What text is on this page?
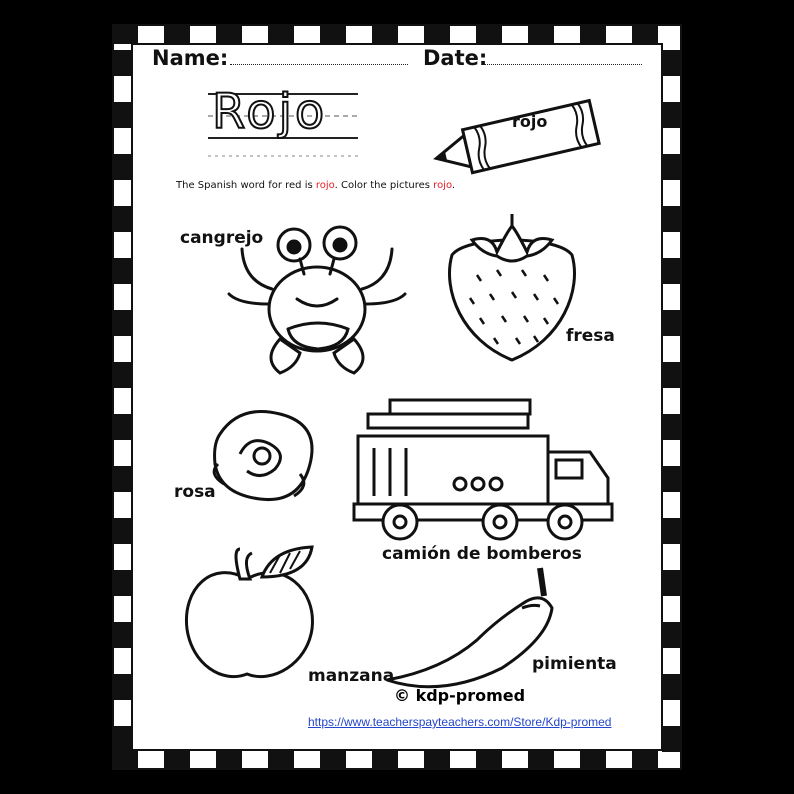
Name:	Date:
Rojo	rojo
The Spanish word for red is rojo. Color the pictures rojo.
cangrejo
fresa
rosa
camión de bomberos
manzana
pimienta
© kdp-promed
https://www.teacherspayteachers.com/Store/Kdp-promed
